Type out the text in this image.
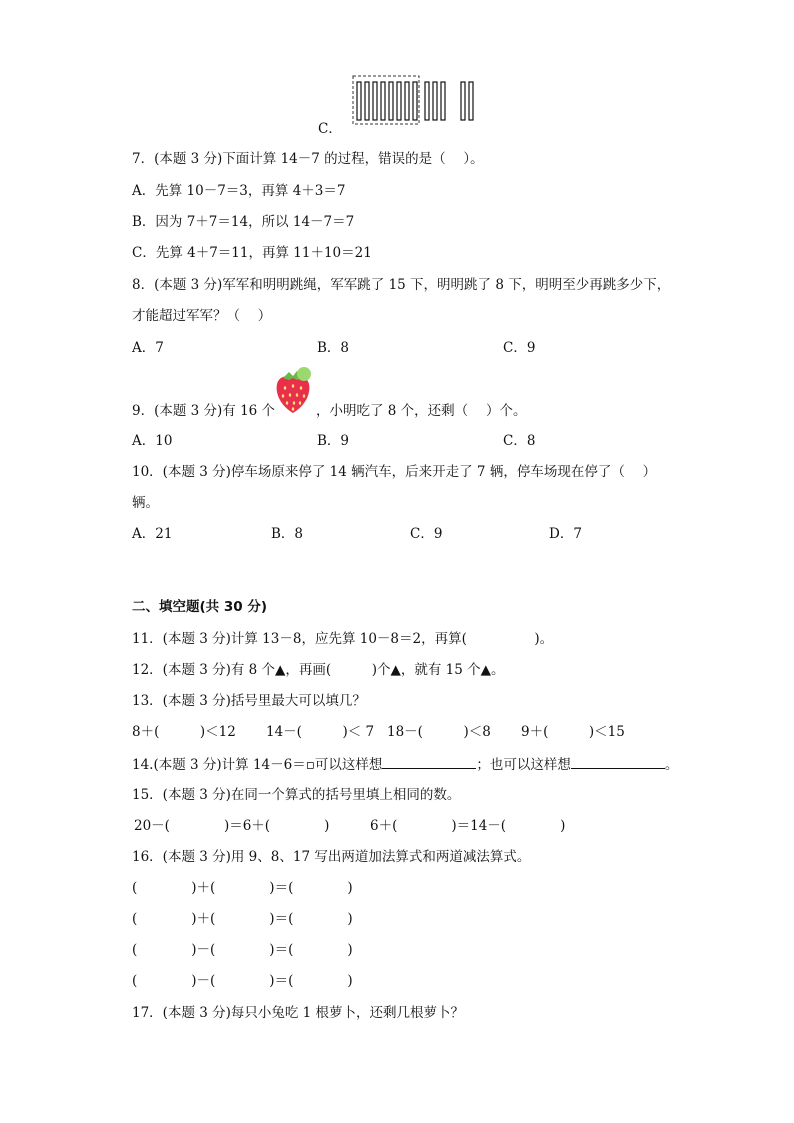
C．
7．(本题 3 分)下面计算 14－7 的过程，错误的是（　 ）。
A．先算 10－7＝3，再算 4＋3＝7
B．因为 7＋7＝14，所以 14－7＝7
C．先算 4＋7＝11，再算 11＋10＝21
8．(本题 3 分)军军和明明跳绳，军军跳了 15 下，明明跳了 8 下，明明至少再跳多少下，
才能超过军军？（　 ）
A．7	B．8	C．9
9．(本题 3 分)有 16 个	，小明吃了 8 个，还剩（　 ）个。
A．10	B．9	C．8
10．(本题 3 分)停车场原来停了 14 辆汽车，后来开走了 7 辆，停车场现在停了（　 ）
辆。
A．21	B．8	C．9	D．7
二、填空题(共 30 分)
11．(本题 3 分)计算 13－8，应先算 10－8＝2，再算(　　　　　)。
12．(本题 3 分)有 8 个▲，再画(　　　)个▲，就有 15 个▲。
13．(本题 3 分)括号里最大可以填几？
8＋(　　　)＜12 14－(　　　)＜ 7 18－(　　　)＜8 9＋(　　　)＜15
14.(本题 3 分)计算 14－6＝▫可以这样想	；也可以这样想	。
15．(本题 3 分)在同一个算式的括号里填上相同的数。
20－(　　　　)＝6＋(　　　　)	6＋(　　　　)＝14－(　　　　)
16．(本题 3 分)用 9、8、17 写出两道加法算式和两道减法算式。
(　　　　)＋(　　　　)＝(　　　　)
(　　　　)＋(　　　　)＝(　　　　)
(　　　　)－(　　　　)＝(　　　　)
(　　　　)－(　　　　)＝(　　　　)
17．(本题 3 分)每只小兔吃 1 根萝卜，还剩几根萝卜？
